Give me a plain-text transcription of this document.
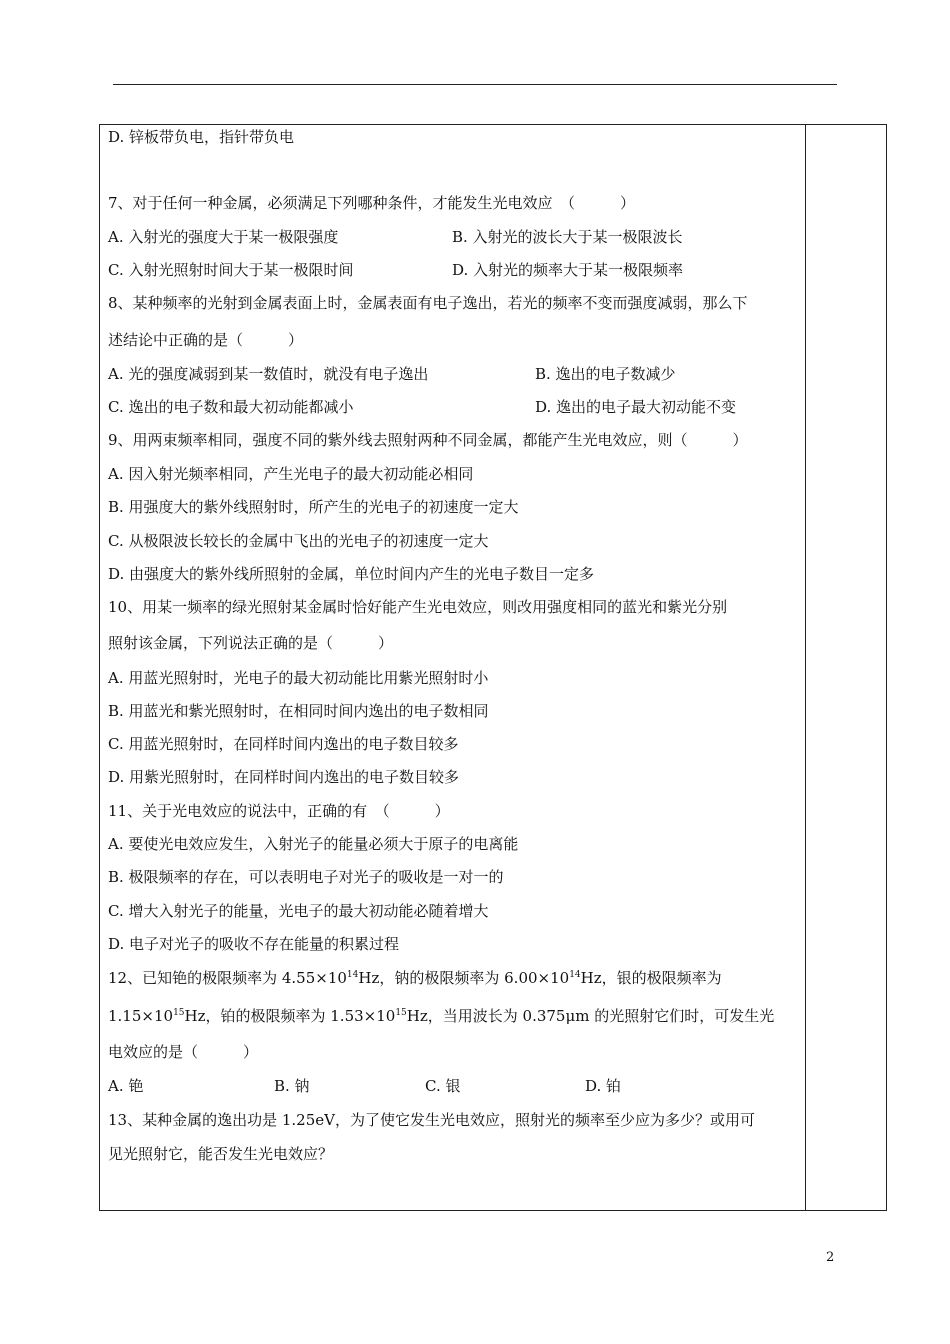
D. 锌板带负电，指针带负电
7、对于任何一种金属，必须满足下列哪种条件，才能发生光电效应　（　　　）
A. 入射光的强度大于某一极限强度	B. 入射光的波长大于某一极限波长
C. 入射光照射时间大于某一极限时间	D. 入射光的频率大于某一极限频率
8、某种频率的光射到金属表面上时，金属表面有电子逸出，若光的频率不变而强度减弱，那么下
述结论中正确的是（　　　）
A. 光的强度减弱到某一数值时，就没有电子逸出	B. 逸出的电子数减少
C. 逸出的电子数和最大初动能都减小	D. 逸出的电子最大初动能不变
9、用两束频率相同，强度不同的紫外线去照射两种不同金属，都能产生光电效应，则（　　　）
A. 因入射光频率相同，产生光电子的最大初动能必相同
B. 用强度大的紫外线照射时，所产生的光电子的初速度一定大
C. 从极限波长较长的金属中飞出的光电子的初速度一定大
D. 由强度大的紫外线所照射的金属，单位时间内产生的光电子数目一定多
10、用某一频率的绿光照射某金属时恰好能产生光电效应，则改用强度相同的蓝光和紫光分别
照射该金属，下列说法正确的是（　　　）
A. 用蓝光照射时，光电子的最大初动能比用紫光照射时小
B. 用蓝光和紫光照射时，在相同时间内逸出的电子数相同
C. 用蓝光照射时，在同样时间内逸出的电子数目较多
D. 用紫光照射时，在同样时间内逸出的电子数目较多
11、关于光电效应的说法中，正确的有　（　　　）
A. 要使光电效应发生，入射光子的能量必须大于原子的电离能
B. 极限频率的存在，可以表明电子对光子的吸收是一对一的
C. 增大入射光子的能量，光电子的最大初动能必随着增大
D. 电子对光子的吸收不存在能量的积累过程
12、已知铯的极限频率为 $4.55\times 10^{14}Hz$，钠的极限频率为 $6.00\times 10^{14}Hz$，银的极限频率为
$1.15\times 10^{15}Hz$，铂的极限频率为 $1.53\times 10^{15}Hz$，当用波长为 0.375μm 的光照射它们时，可发生光
电效应的是（　　　）
A. 铯	B. 钠	C. 银	D. 铂
13、某种金属的逸出功是 1.25eV，为了使它发生光电效应，照射光的频率至少应为多少？或用可
见光照射它，能否发生光电效应？
2
